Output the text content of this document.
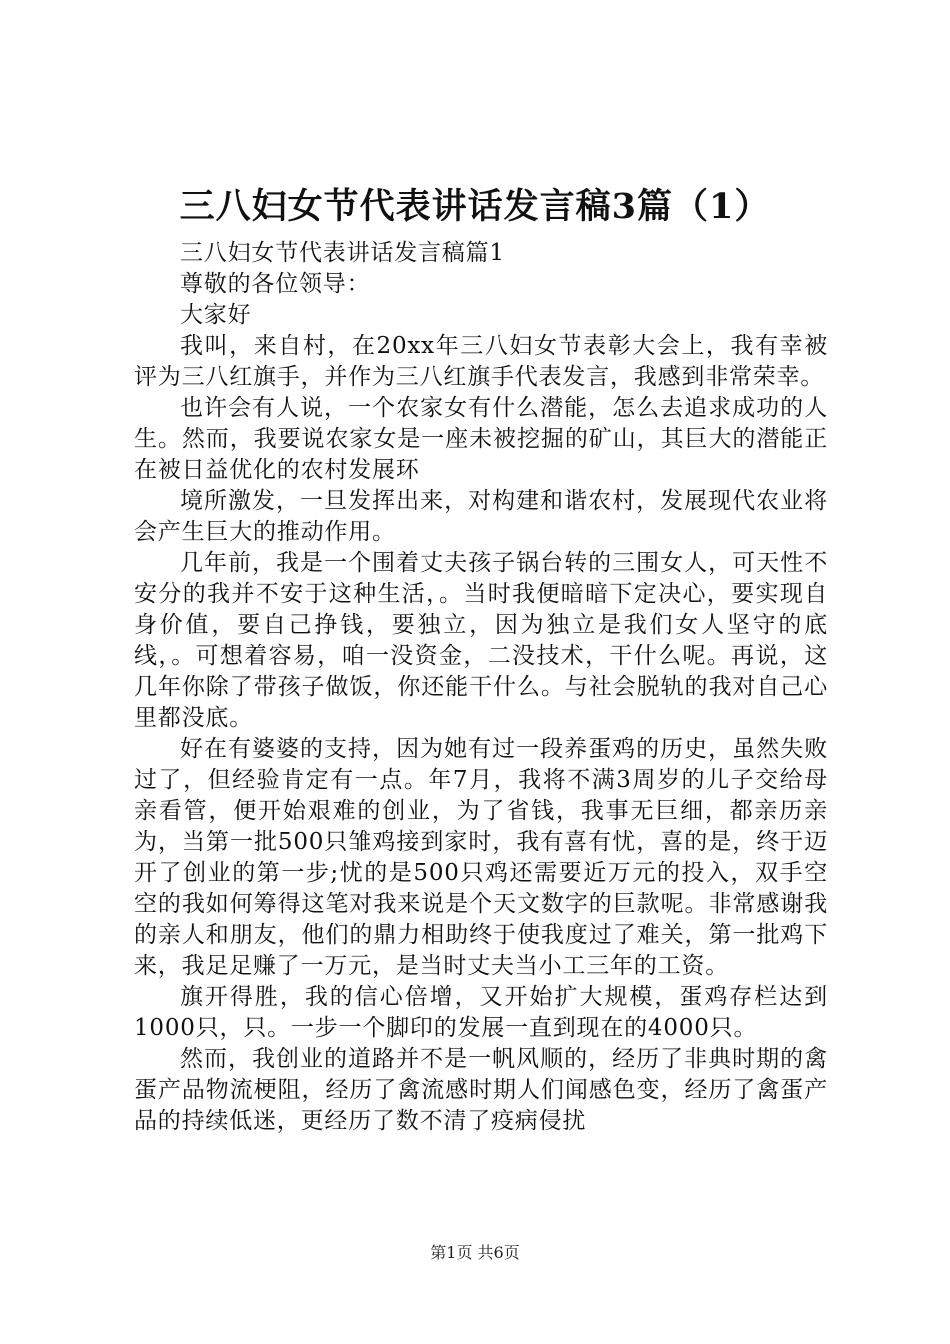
三八妇女节代表讲话发言稿3篇（1）

三八妇女节代表讲话发言稿篇1

尊敬的各位领导：

大家好

我叫，来自村，在20xx年三八妇女节表彰大会上，我有幸被评为三八红旗手，并作为三八红旗手代表发言，我感到非常荣幸。

也许会有人说，一个农家女有什么潜能，怎么去追求成功的人生。然而，我要说农家女是一座未被挖掘的矿山，其巨大的潜能正在被日益优化的农村发展环

境所激发，一旦发挥出来，对构建和谐农村，发展现代农业将会产生巨大的推动作用。

几年前，我是一个围着丈夫孩子锅台转的三围女人，可天性不安分的我并不安于这种生活，。当时我便暗暗下定决心，要实现自身价值，要自己挣钱，要独立，因为独立是我们女人坚守的底线，。可想着容易，咱一没资金，二没技术，干什么呢。再说，这几年你除了带孩子做饭，你还能干什么。与社会脱轨的我对自己心里都没底。

好在有婆婆的支持，因为她有过一段养蛋鸡的历史，虽然失败过了，但经验肯定有一点。年7月，我将不满3周岁的儿子交给母亲看管，便开始艰难的创业，为了省钱，我事无巨细，都亲历亲为，当第一批500只雏鸡接到家时，我有喜有忧，喜的是，终于迈开了创业的第一步;忧的是500只鸡还需要近万元的投入，双手空空的我如何筹得这笔对我来说是个天文数字的巨款呢。非常感谢我的亲人和朋友，他们的鼎力相助终于使我度过了难关，第一批鸡下来，我足足赚了一万元，是当时丈夫当小工三年的工资。

旗开得胜，我的信心倍增，又开始扩大规模，蛋鸡存栏达到1000只，只。一步一个脚印的发展一直到现在的4000只。

然而，我创业的道路并不是一帆风顺的，经历了非典时期的禽蛋产品物流梗阻，经历了禽流感时期人们闻感色变，经历了禽蛋产品的持续低迷，更经历了数不清了疫病侵扰

第1页 共6页
